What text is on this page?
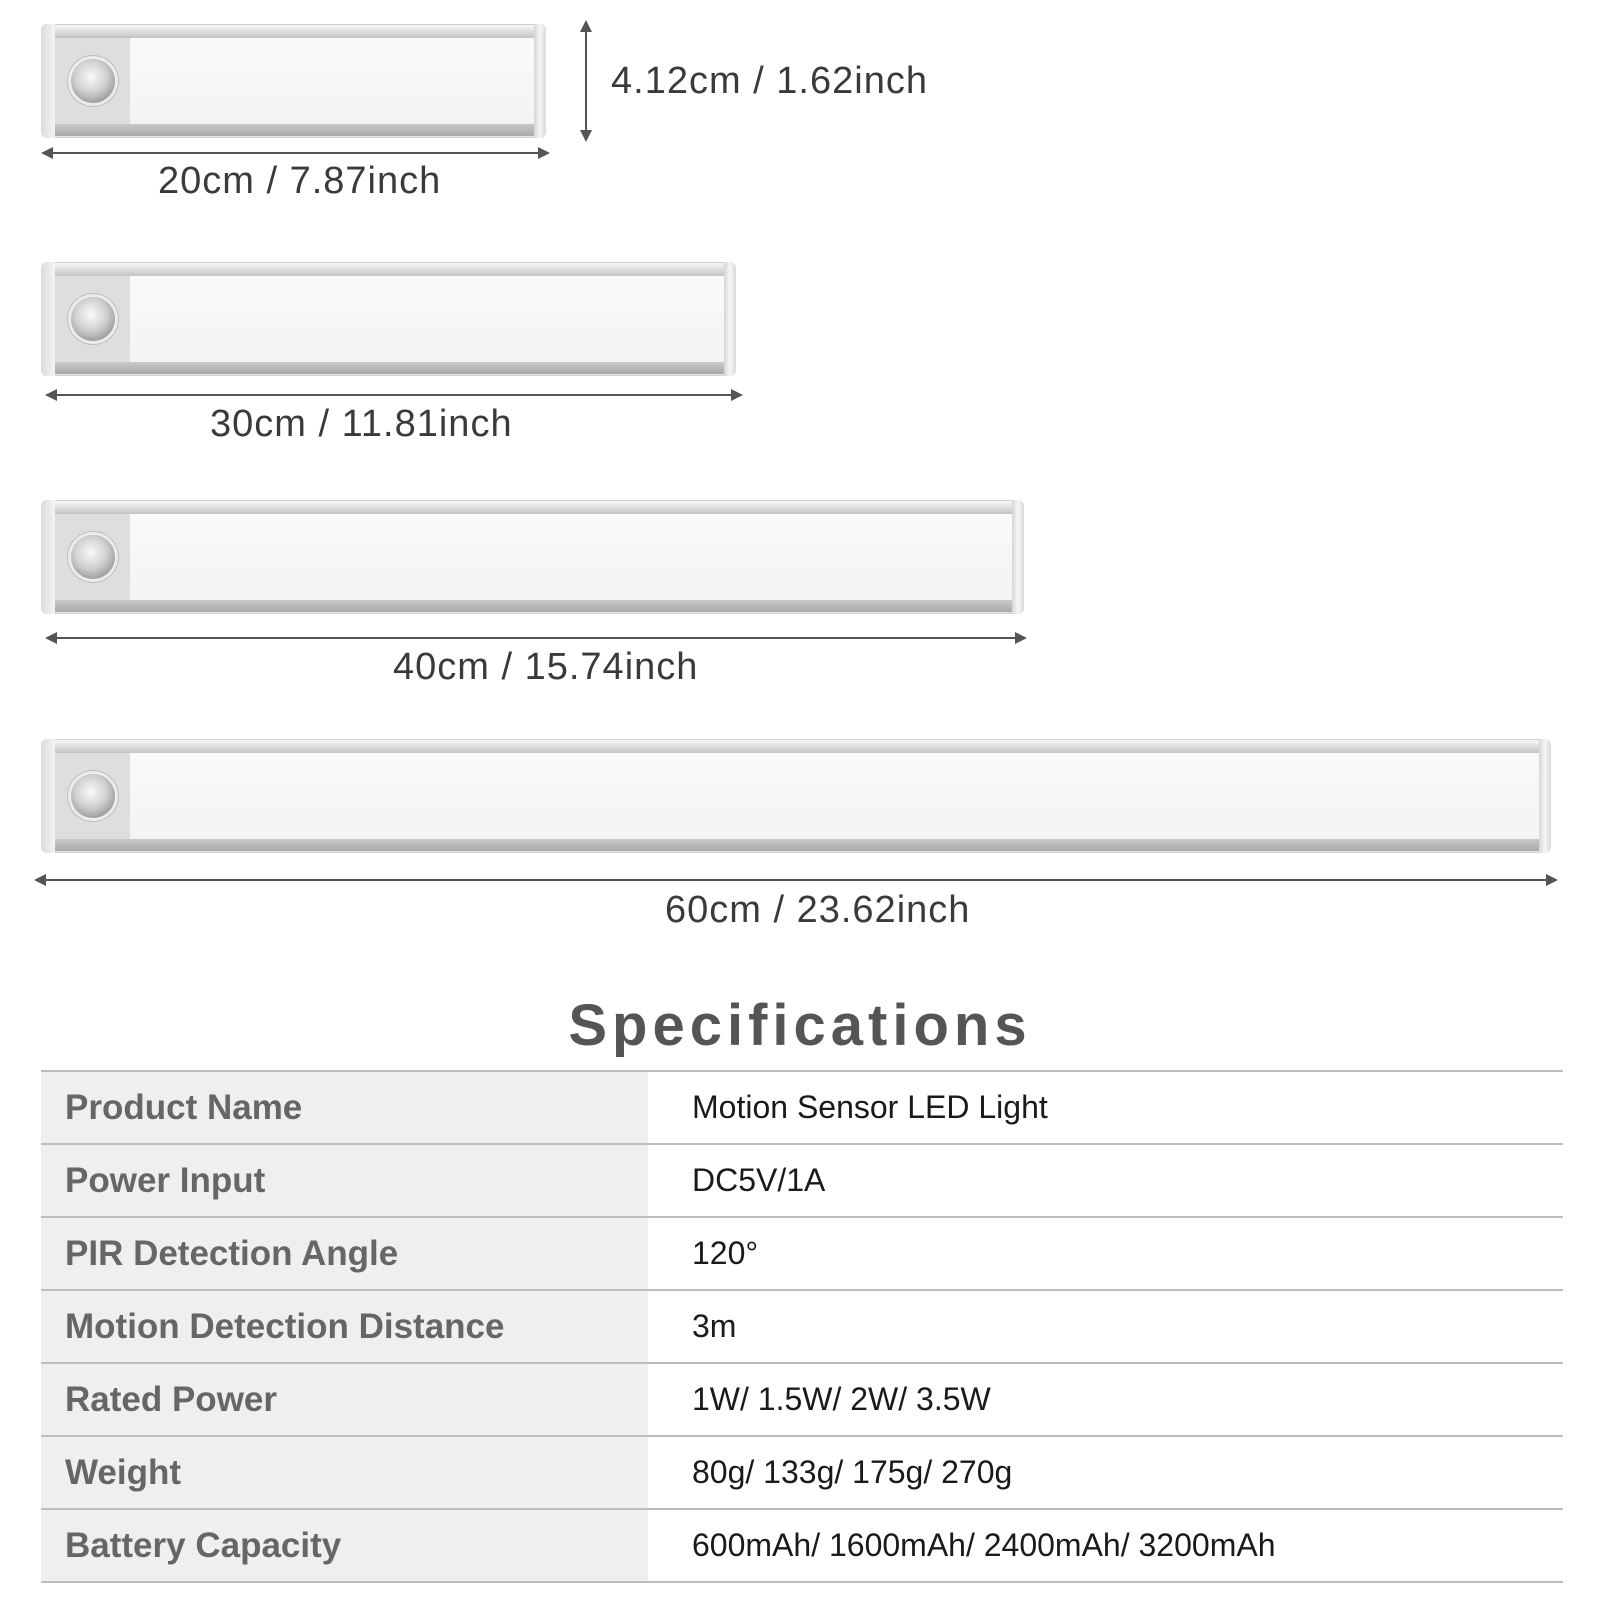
4.12cm / 1.62inch
20cm / 7.87inch
30cm / 11.81inch
40cm / 15.74inch
60cm / 23.62inch
Specifications
Product Name	Motion Sensor LED Light
Power Input	DC5V/1A
PIR Detection Angle	120°
Motion Detection Distance	3m
Rated Power	1W/ 1.5W/ 2W/ 3.5W
Weight	80g/ 133g/ 175g/ 270g
Battery Capacity	600mAh/ 1600mAh/ 2400mAh/ 3200mAh
